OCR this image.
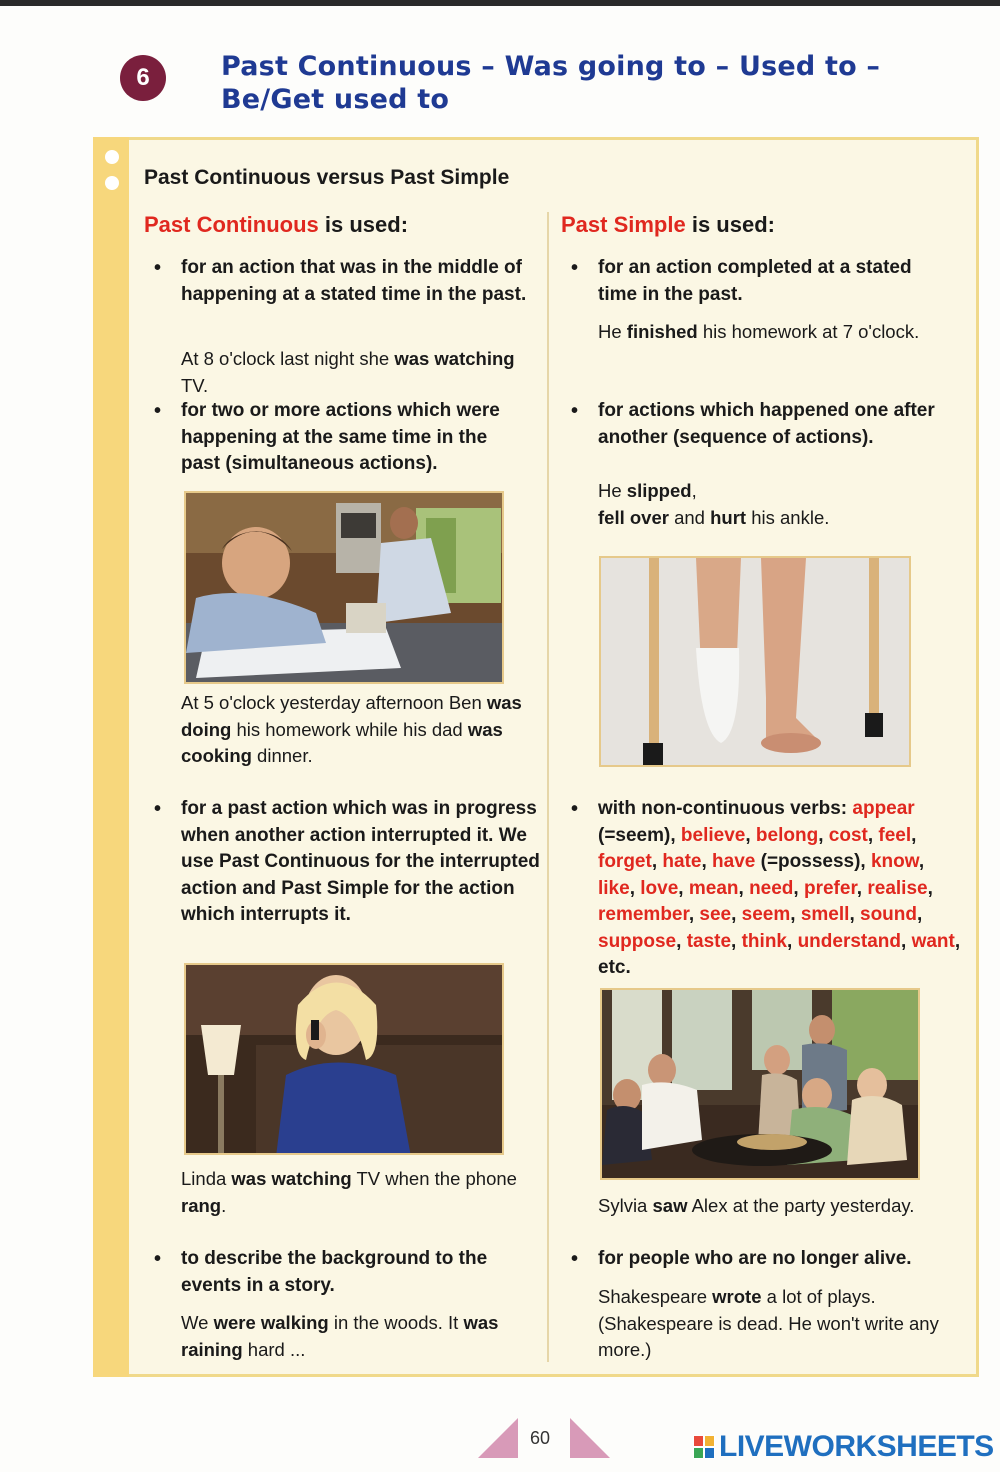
6	Past Continuous – Was going to – Used to –
Be/Get used to
Past Continuous versus Past Simple
Past Continuous is used:
• for an action that was in the middle of happening at a stated time in the past.
At 8 o'clock last night she was watching TV.
• for two or more actions which were happening at the same time in the past (simultaneous actions).
At 5 o'clock yesterday afternoon Ben was doing his homework while his dad was cooking dinner.
• for a past action which was in progress when another action interrupted it. We use Past Continuous for the interrupted action and Past Simple for the action which interrupts it.
Linda was watching TV when the phone rang.
• to describe the background to the events in a story.
We were walking in the woods. It was raining hard ...
Past Simple is used:
• for an action completed at a stated time in the past.
He finished his homework at 7 o'clock.
• for actions which happened one after another (sequence of actions).
He slipped,
fell over and hurt his ankle.
• with non-continuous verbs: appear (=seem), believe, belong, cost, feel, forget, hate, have (=possess), know, like, love, mean, need, prefer, realise, remember, see, seem, smell, sound, suppose, taste, think, understand, want, etc.
Sylvia saw Alex at the party yesterday.
• for people who are no longer alive.
Shakespeare wrote a lot of plays. (Shakespeare is dead. He won't write any more.)
60	LIVEWORKSHEETS
